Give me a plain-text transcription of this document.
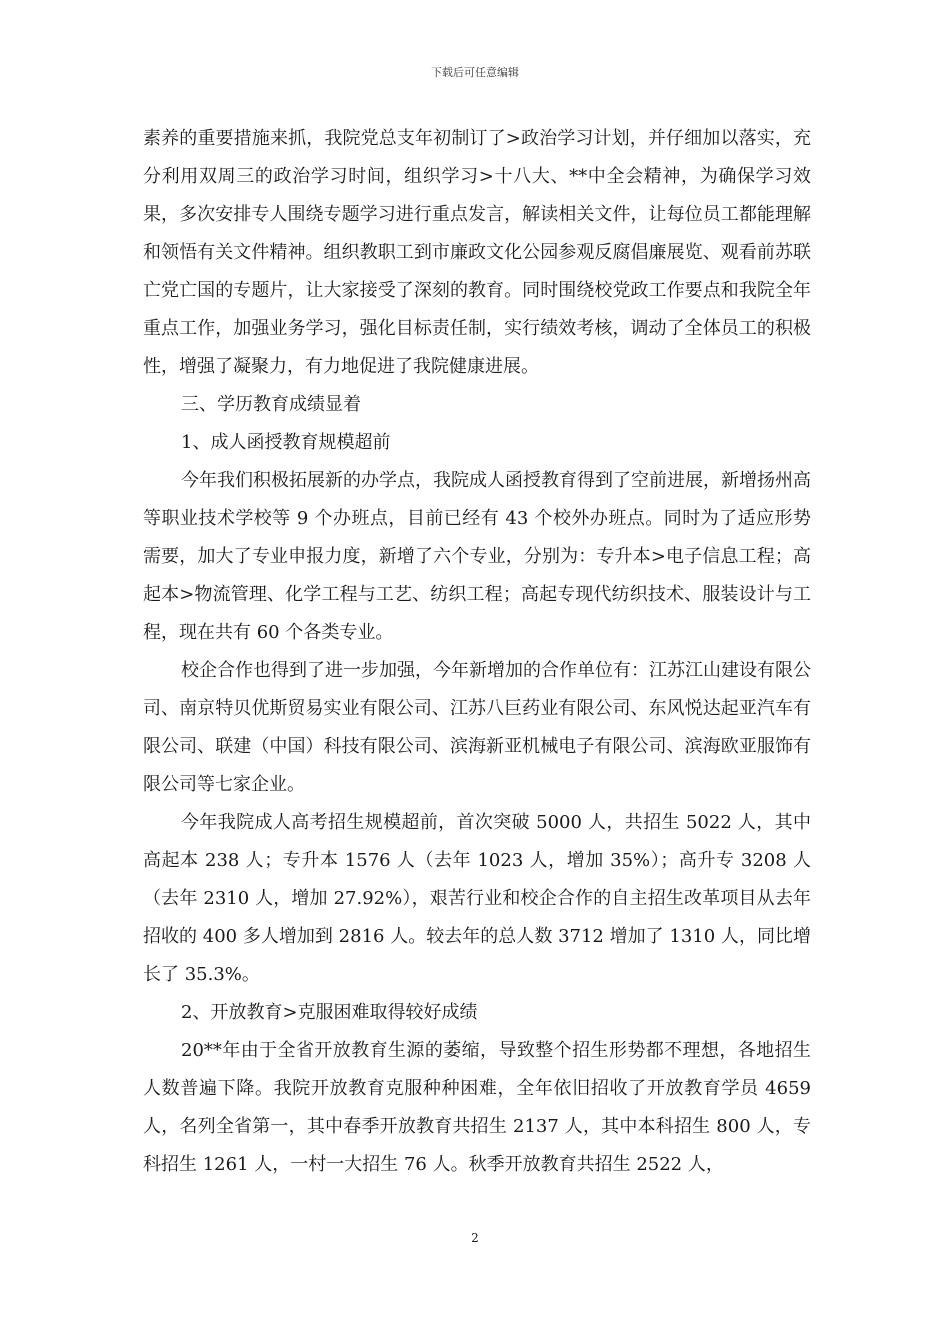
下载后可任意编辑

素养的重要措施来抓，我院党总支年初制订了>政治学习计划，并仔细加以落实，充分利用双周三的政治学习时间，组织学习>十八大、**中全会精神，为确保学习效果，多次安排专人围绕专题学习进行重点发言，解读相关文件，让每位员工都能理解和领悟有关文件精神。组织教职工到市廉政文化公园参观反腐倡廉展览、观看前苏联亡党亡国的专题片，让大家接受了深刻的教育。同时围绕校党政工作要点和我院全年重点工作，加强业务学习，强化目标责任制，实行绩效考核，调动了全体员工的积极性，增强了凝聚力，有力地促进了我院健康进展。

三、学历教育成绩显着

1、成人函授教育规模超前

今年我们积极拓展新的办学点，我院成人函授教育得到了空前进展，新增扬州高等职业技术学校等 9 个办班点，目前已经有 43 个校外办班点。同时为了适应形势需要，加大了专业申报力度，新增了六个专业，分别为：专升本>电子信息工程；高起本>物流管理、化学工程与工艺、纺织工程；高起专现代纺织技术、服装设计与工程，现在共有 60 个各类专业。

校企合作也得到了进一步加强，今年新增加的合作单位有：江苏江山建设有限公司、南京特贝优斯贸易实业有限公司、江苏八巨药业有限公司、东风悦达起亚汽车有限公司、联建（中国）科技有限公司、滨海新亚机械电子有限公司、滨海欧亚服饰有限公司等七家企业。

今年我院成人高考招生规模超前，首次突破 5000 人，共招生 5022 人，其中高起本 238 人；专升本 1576 人（去年 1023 人，增加 35%）；高升专 3208 人（去年 2310 人，增加 27.92%），艰苦行业和校企合作的自主招生改革项目从去年招收的 400 多人增加到 2816 人。较去年的总人数 3712 增加了 1310 人，同比增长了 35.3%。

2、开放教育>克服困难取得较好成绩

20**年由于全省开放教育生源的萎缩，导致整个招生形势都不理想，各地招生人数普遍下降。我院开放教育克服种种困难，全年依旧招收了开放教育学员 4659 人，名列全省第一，其中春季开放教育共招生 2137 人，其中本科招生 800 人，专科招生 1261 人，一村一大招生 76 人。秋季开放教育共招生 2522 人，

2
